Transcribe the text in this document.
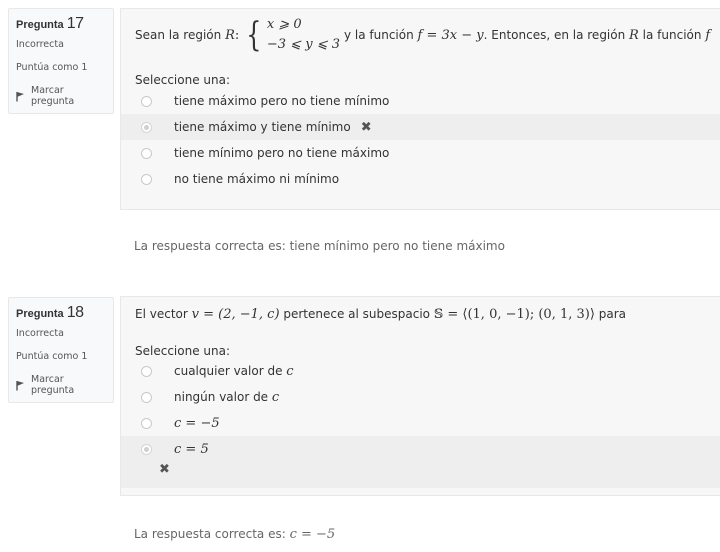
Pregunta 17
Incorrecta
Puntúa como 1
Marcar pregunta
Sean la región
R : { x ⩾ 0
−3 ⩽ y ⩽ 3
y la función
f = 3x − y . Entonces, en la región
R
la función
f
Seleccione una:
tiene máximo pero no tiene mínimo
tiene máximo y tiene mínimo ✖
tiene mínimo pero no tiene máximo
no tiene máximo ni mínimo
La respuesta correcta es: tiene mínimo pero no tiene máximo
Pregunta 18
Incorrecta
Puntúa como 1
Marcar pregunta
El vector
v = (2, −1, c)
pertenece al subespacio
𝕊 = ⟨(1, 0, −1); (0, 1, 3)⟩
para
Seleccione una:
cualquier valor de
c
ningún valor de
c
c = −5
c = 5
✖
La respuesta correcta es: c = −5
